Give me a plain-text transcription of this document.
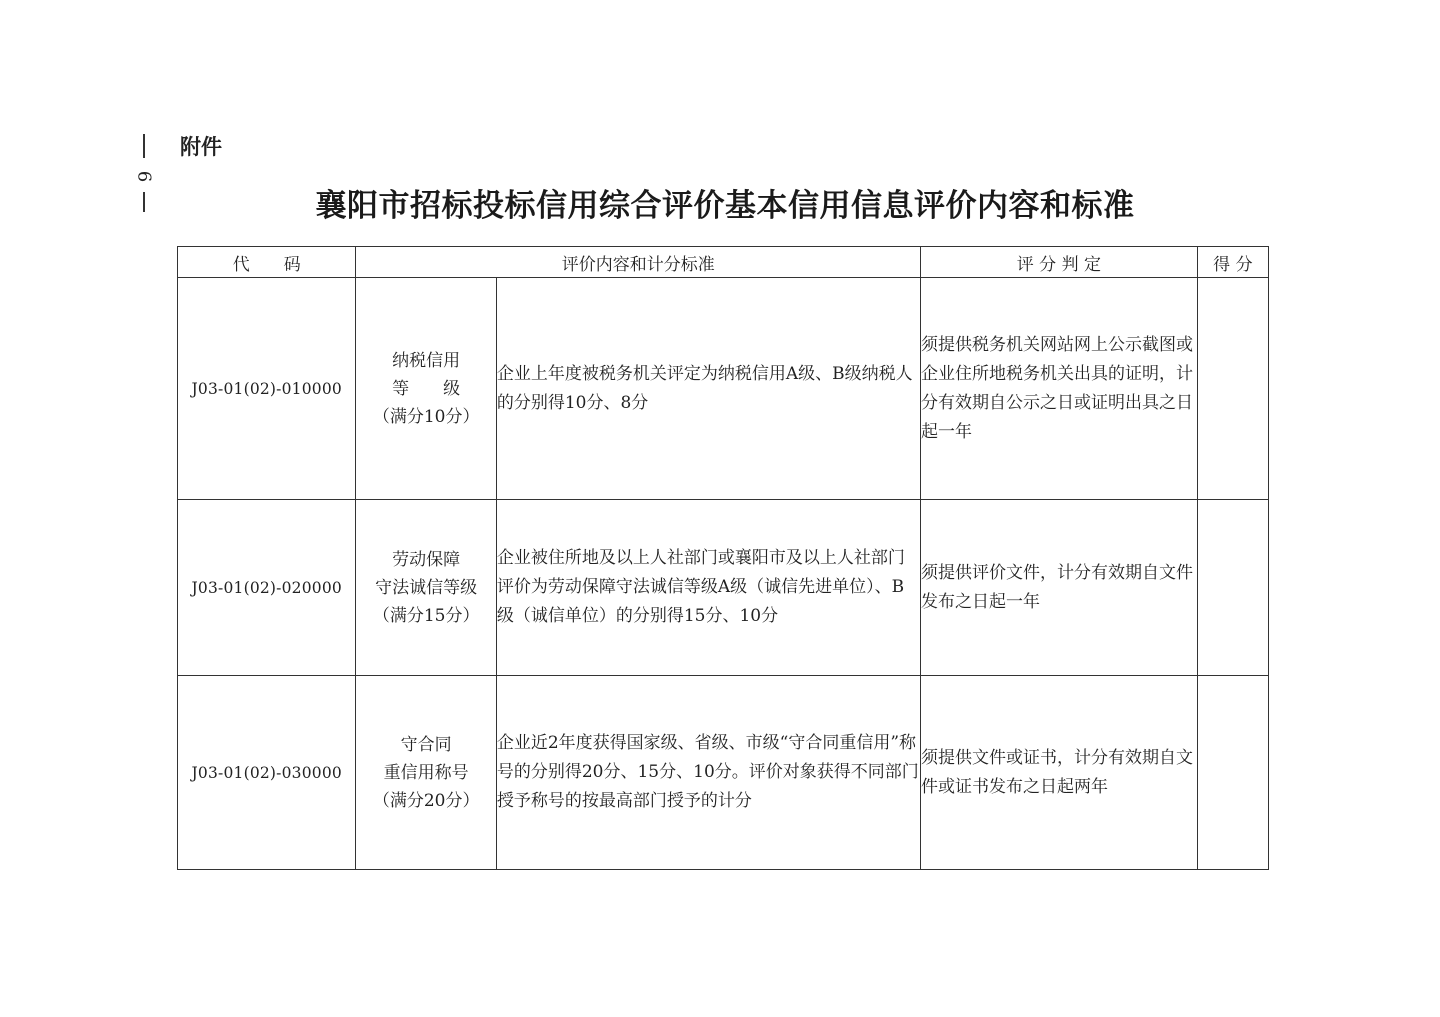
6
附件
襄阳市招标投标信用综合评价基本信用信息评价内容和标准
代　　码	评价内容和计分标准		评 分 判 定	得 分
J03-01(02)-010000	纳税信用
等　　级
（满分10分）	企业上年度被税务机关评定为纳税信用A级、B级纳税人的分别得10分、8分	须提供税务机关网站网上公示截图或企业住所地税务机关出具的证明，计分有效期自公示之日或证明出具之日起一年	
J03-01(02)-020000	劳动保障
守法诚信等级
（满分15分）	企业被住所地及以上人社部门或襄阳市及以上人社部门评价为劳动保障守法诚信等级A级（诚信先进单位）、B级（诚信单位）的分别得15分、10分	须提供评价文件，计分有效期自文件发布之日起一年	
J03-01(02)-030000	守合同
重信用称号
（满分20分）	企业近2年度获得国家级、省级、市级“守合同重信用”称号的分别得20分、15分、10分。评价对象获得不同部门授予称号的按最高部门授予的计分	须提供文件或证书，计分有效期自文件或证书发布之日起两年	
